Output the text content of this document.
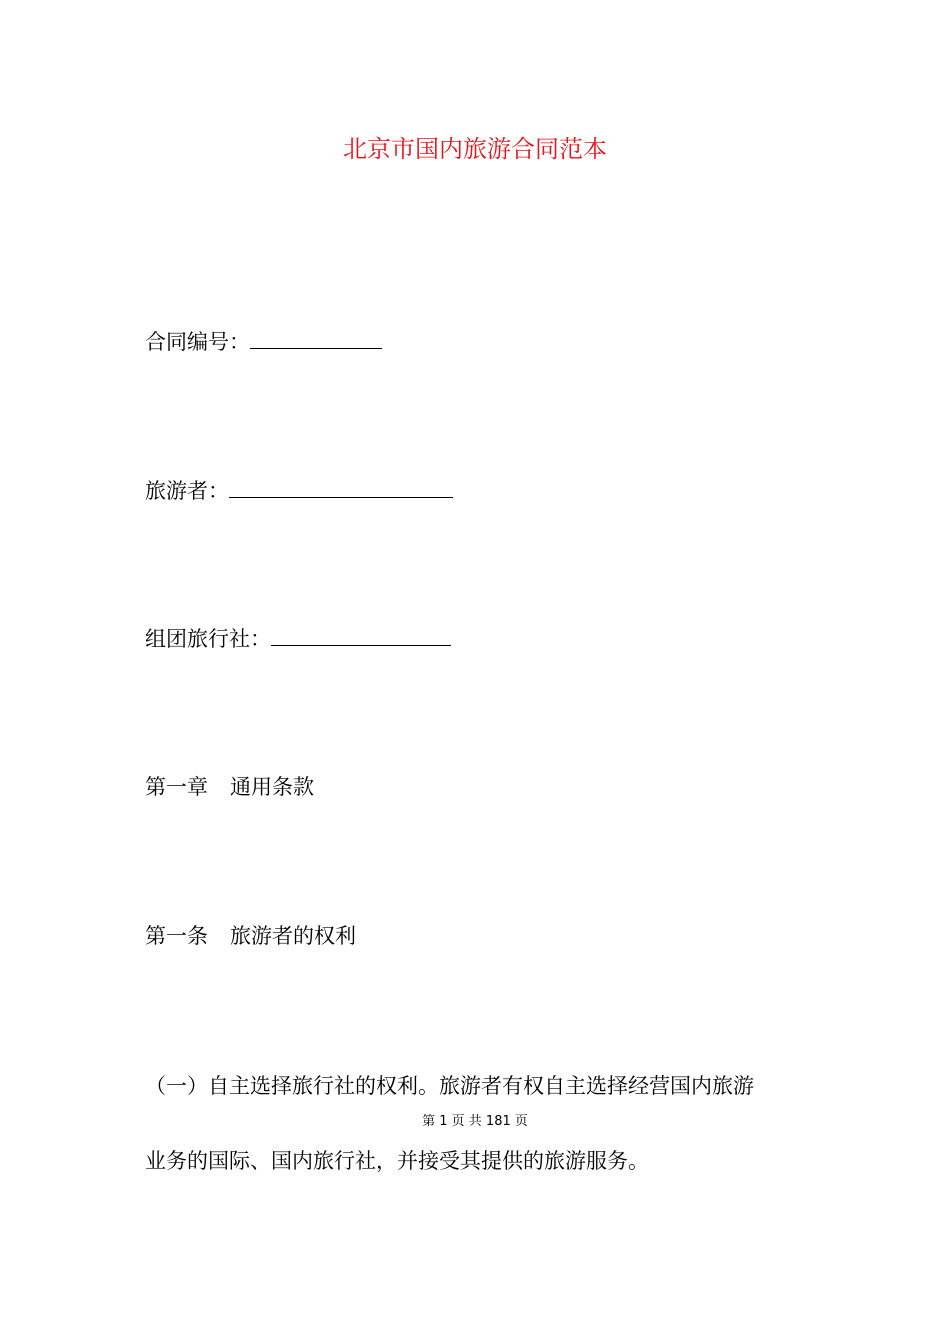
北京市国内旅游合同范本
合同编号：
旅游者：
组团旅行社：
第一章 通用条款
第一条 旅游者的权利
（一）自主选择旅行社的权利。旅游者有权自主选择经营国内旅游
第 1 页 共 181 页
业务的国际、国内旅行社，并接受其提供的旅游服务。
